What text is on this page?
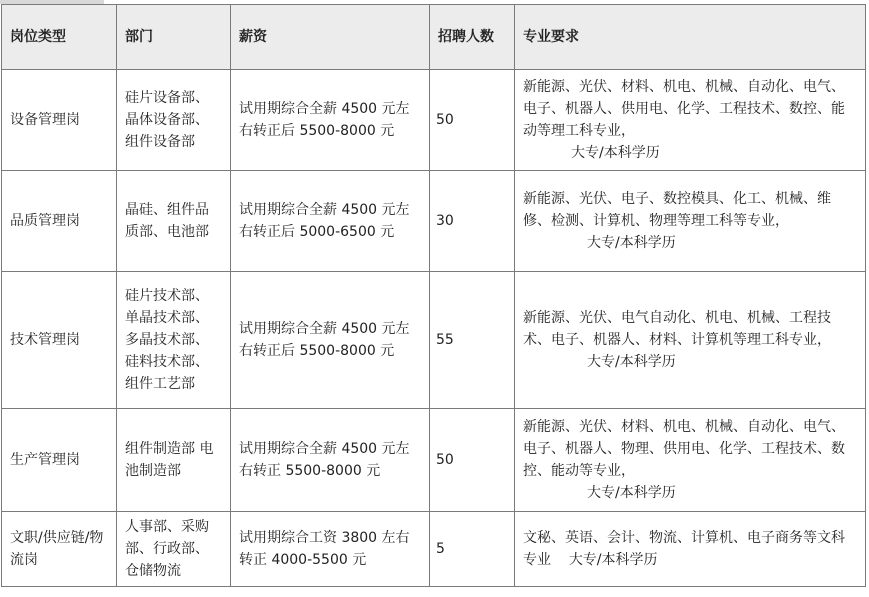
岗位类型	部门	薪资	招聘人数	专业要求
设备管理岗	硅片设备部、晶体设备部、组件设备部	试用期综合全薪 4500 元左右转正后 5500-8000 元	50	新能源、光伏、材料、机电、机械、自动化、电气、电子、机器人、供用电、化学、工程技术、数控、能动等理工科专业，
大专/本科学历

品质管理岗	晶硅、组件品质部、电池部	试用期综合全薪 4500 元左右转正后 5000-6500 元	30	新能源、光伏、电子、数控模具、化工、机械、维修、检测、计算机、物理等理工科等专业，
大专/本科学历

技术管理岗	硅片技术部、单晶技术部、多晶技术部、硅料技术部、组件工艺部	试用期综合全薪 4500 元左右转正后 5500-8000 元	55	新能源、光伏、电气自动化、机电、机械、工程技术、电子、机器人、材料、计算机等理工科专业，
大专/本科学历

生产管理岗	组件制造部 电池制造部	试用期综合全薪 4500 元左右转正 5500-8000 元	50	新能源、光伏、材料、机电、机械、自动化、电气、电子、机器人、物理、供用电、化学、工程技术、数控、能动等专业，
大专/本科学历

文职/供应链/物流岗	人事部、采购部、行政部、仓储物流	试用期综合工资 3800 左右转正 4000-5500 元	5	文秘、英语、会计、物流、计算机、电子商务等文科专业 大专/本科学历
